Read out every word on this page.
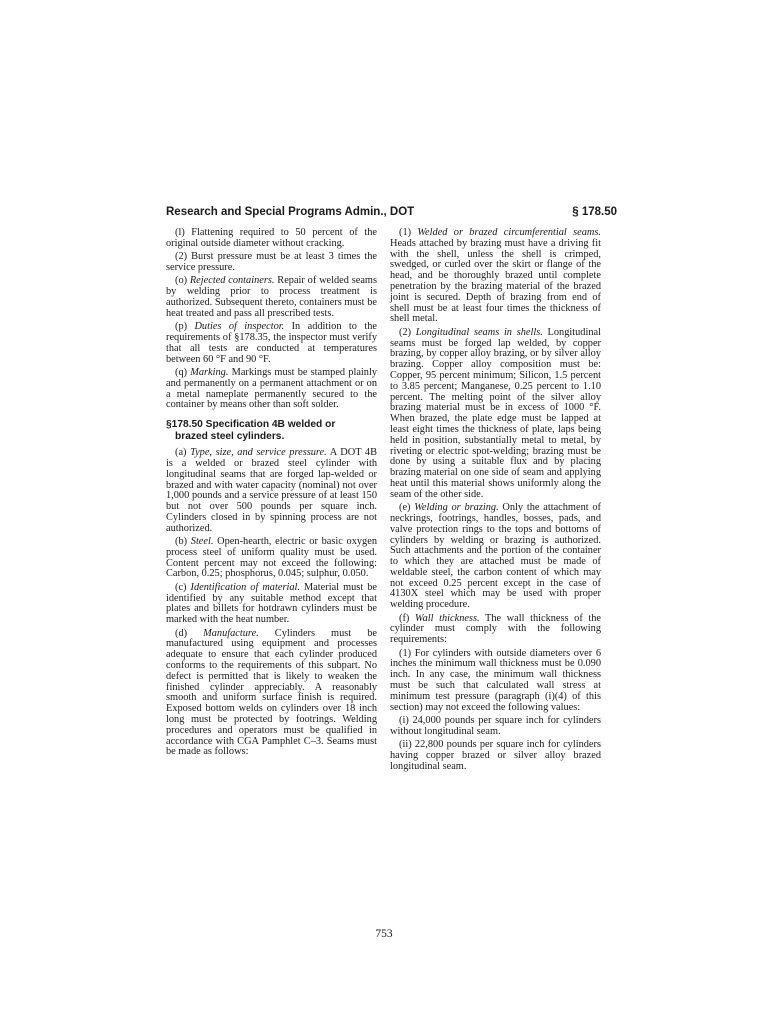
Research and Special Programs Admin., DOT	§ 178.50

(l) Flattening required to 50 percent of the original outside diameter without cracking.

(2) Burst pressure must be at least 3 times the service pressure.

(o) Rejected containers. Repair of welded seams by welding prior to process treatment is authorized. Subsequent thereto, containers must be heat treated and pass all prescribed tests.

(p) Duties of inspector. In addition to the requirements of §178.35, the inspector must verify that all tests are conducted at temperatures between 60 °F and 90 °F.

(q) Marking. Markings must be stamped plainly and permanently on a permanent attachment or on a metal nameplate permanently secured to the container by means other than soft solder.

§178.50 Specification 4B welded or
brazed steel cylinders.

(a) Type, size, and service pressure. A DOT 4B is a welded or brazed steel cylinder with longitudinal seams that are forged lap-welded or brazed and with water capacity (nominal) not over 1,000 pounds and a service pressure of at least 150 but not over 500 pounds per square inch. Cylinders closed in by spinning process are not authorized.

(b) Steel. Open-hearth, electric or basic oxygen process steel of uniform quality must be used. Content percent may not exceed the following: Carbon, 0.25; phosphorus, 0.045; sulphur, 0.050.

(c) Identification of material. Material must be identified by any suitable method except that plates and billets for hotdrawn cylinders must be marked with the heat number.

(d) Manufacture. Cylinders must be manufactured using equipment and processes adequate to ensure that each cylinder produced conforms to the requirements of this subpart. No defect is permitted that is likely to weaken the finished cylinder appreciably. A reasonably smooth and uniform surface finish is required. Exposed bottom welds on cylinders over 18 inch long must be protected by footrings. Welding procedures and operators must be qualified in accordance with CGA Pamphlet C–3. Seams must be made as follows:

(1) Welded or brazed circumferential seams. Heads attached by brazing must have a driving fit with the shell, unless the shell is crimped, swedged, or curled over the skirt or flange of the head, and be thoroughly brazed until complete penetration by the brazing material of the brazed joint is secured. Depth of brazing from end of shell must be at least four times the thickness of shell metal.

(2) Longitudinal seams in shells. Longitudinal seams must be forged lap welded, by copper brazing, by copper alloy brazing, or by silver alloy brazing. Copper alloy composition must be: Copper, 95 percent minimum; Silicon, 1.5 percent to 3.85 percent; Manganese, 0.25 percent to 1.10 percent. The melting point of the silver alloy brazing material must be in excess of 1000 °F. When brazed, the plate edge must be lapped at least eight times the thickness of plate, laps being held in position, substantially metal to metal, by riveting or electric spot-welding; brazing must be done by using a suitable flux and by placing brazing material on one side of seam and applying heat until this material shows uniformly along the seam of the other side.

(e) Welding or brazing. Only the attachment of neckrings, footrings, handles, bosses, pads, and valve protection rings to the tops and bottoms of cylinders by welding or brazing is authorized. Such attachments and the portion of the container to which they are attached must be made of weldable steel, the carbon content of which may not exceed 0.25 percent except in the case of 4130X steel which may be used with proper welding procedure.

(f) Wall thickness. The wall thickness of the cylinder must comply with the following requirements:

(1) For cylinders with outside diameters over 6 inches the minimum wall thickness must be 0.090 inch. In any case, the minimum wall thickness must be such that calculated wall stress at minimum test pressure (paragraph (i)(4) of this section) may not exceed the following values:

(i) 24,000 pounds per square inch for cylinders without longitudinal seam.

(ii) 22,800 pounds per square inch for cylinders having copper brazed or silver alloy brazed longitudinal seam.

753
